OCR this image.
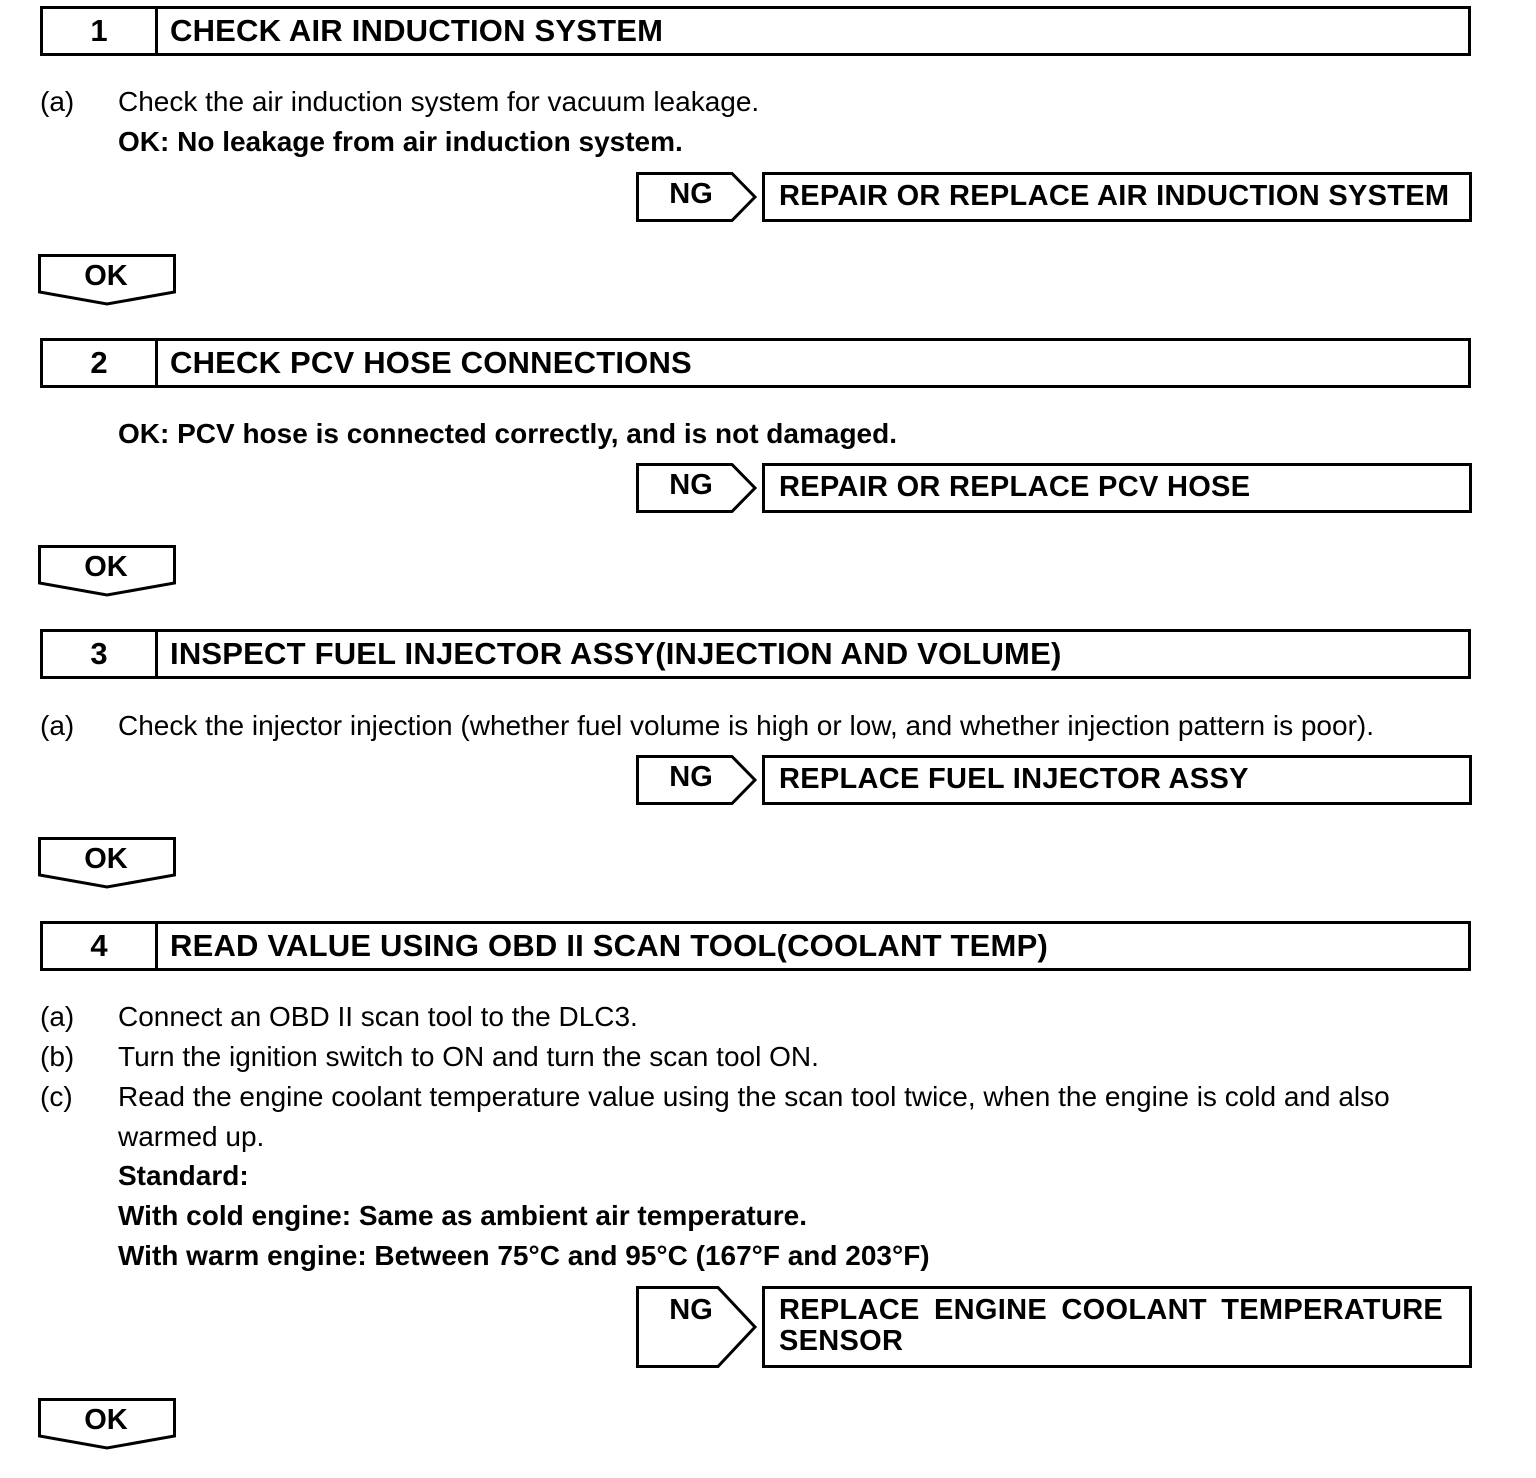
1	CHECK AIR INDUCTION SYSTEM
(a) Check the air induction system for vacuum leakage.
OK: No leakage from air induction system.
NG	REPAIR OR REPLACE AIR INDUCTION SYSTEM
OK
2	CHECK PCV HOSE CONNECTIONS
OK: PCV hose is connected correctly, and is not damaged.
NG	REPAIR OR REPLACE PCV HOSE
OK
3	INSPECT FUEL INJECTOR ASSY(INJECTION AND VOLUME)
(a) Check the injector injection (whether fuel volume is high or low, and whether injection pattern is poor).
NG	REPLACE FUEL INJECTOR ASSY
OK
4	READ VALUE USING OBD II SCAN TOOL(COOLANT TEMP)
(a) Connect an OBD II scan tool to the DLC3.
(b) Turn the ignition switch to ON and turn the scan tool ON.
(c) Read the engine coolant temperature value using the scan tool twice, when the engine is cold and also
warmed up.
Standard:
With cold engine: Same as ambient air temperature.
With warm engine: Between 75°C and 95°C (167°F and 203°F)
NG	REPLACE ENGINE COOLANT TEMPERATURE
SENSOR
OK
